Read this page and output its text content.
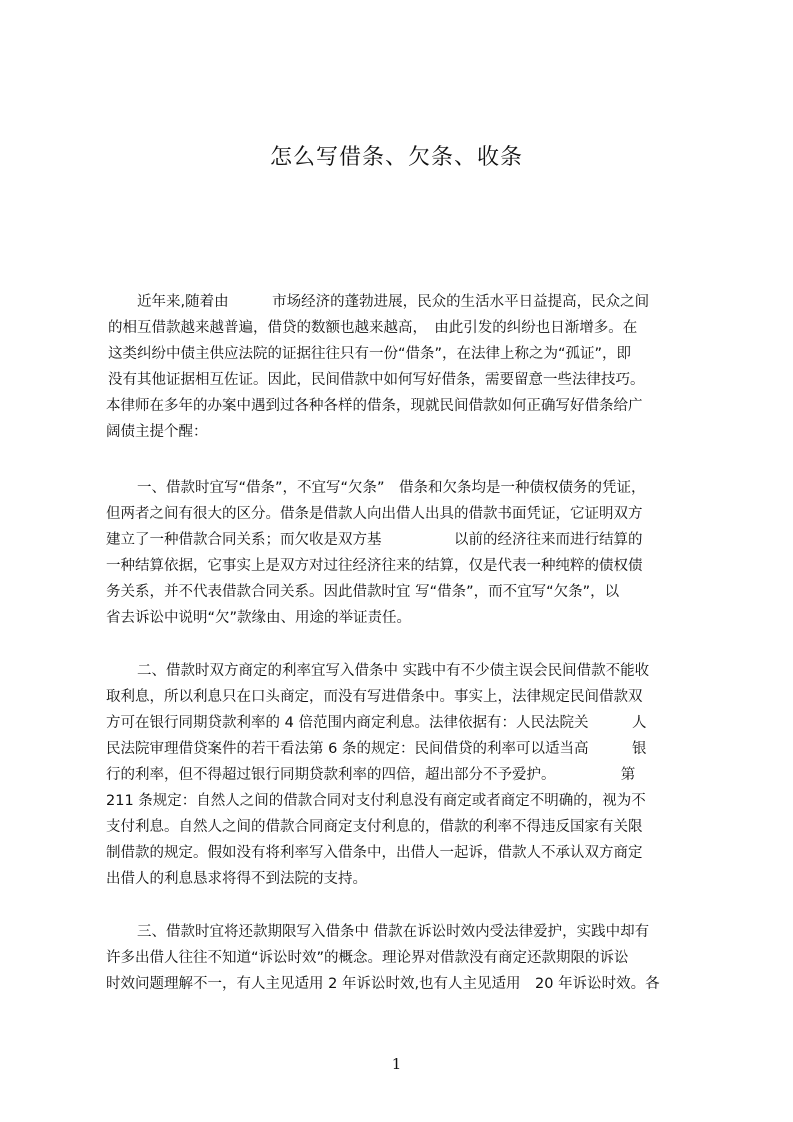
怎么写借条、欠条、收条

近年来,随着由　　　市场经济的蓬勃进展，民众的生活水平日益提高，民众之间

的相互借款越来越普遍，借贷的数额也越来越高，　由此引发的纠纷也日渐增多。在

这类纠纷中债主供应法院的证据往往只有一份“借条”，在法律上称之为“孤证”，即

没有其他证据相互佐证。因此，民间借款中如何写好借条，需要留意一些法律技巧。

本律师在多年的办案中遇到过各种各样的借条，现就民间借款如何正确写好借条给广

阔债主提个醒：

一、借款时宜写“借条”，不宜写“欠条”　借条和欠条均是一种债权债务的凭证，

但两者之间有很大的区分。借条是借款人向出借人出具的借款书面凭证，它证明双方

建立了一种借款合同关系；而欠收是双方基　　　　　以前的经济往来而进行结算的

一种结算依据，它事实上是双方对过往经济往来的结算，仅是代表一种纯粹的债权债

务关系，并不代表借款合同关系。因此借款时宜 写“借条”，而不宜写“欠条”，以

省去诉讼中说明“欠”款缘由、用途的举证责任。

二、借款时双方商定的利率宜写入借条中 实践中有不少债主误会民间借款不能收

取利息，所以利息只在口头商定，而没有写进借条中。事实上，法律规定民间借款双

方可在银行同期贷款利率的 4 倍范围内商定利息。法律依据有：人民法院关　　　人

民法院审理借贷案件的若干看法第 6 条的规定：民间借贷的利率可以适当高　　　银

行的利率，但不得超过银行同期贷款利率的四倍，超出部分不予爱护。　　　　　第

211 条规定：自然人之间的借款合同对支付利息没有商定或者商定不明确的，视为不

支付利息。自然人之间的借款合同商定支付利息的，借款的利率不得违反国家有关限

制借款的规定。假如没有将利率写入借条中，出借人一起诉，借款人不承认双方商定

出借人的利息恳求将得不到法院的支持。

三、借款时宜将还款期限写入借条中 借款在诉讼时效内受法律爱护，实践中却有

许多出借人往往不知道“诉讼时效”的概念。理论界对借款没有商定还款期限的诉讼

时效问题理解不一，有人主见适用 2 年诉讼时效,也有人主见适用　20 年诉讼时效。各

1
